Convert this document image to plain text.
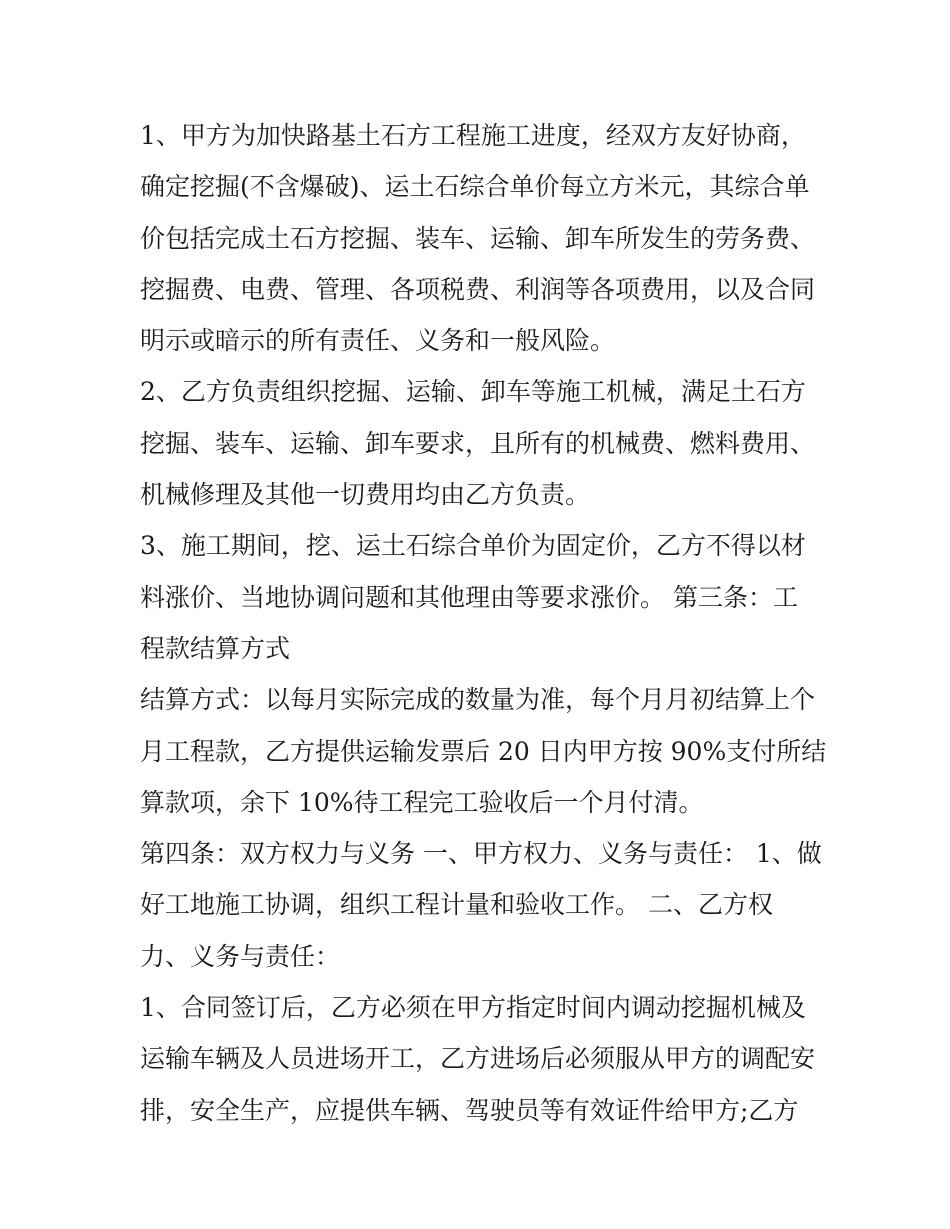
1、甲方为加快路基土石方工程施工进度，经双方友好协商，
确定挖掘(不含爆破)、运土石综合单价每立方米元，其综合单
价包括完成土石方挖掘、装车、运输、卸车所发生的劳务费、
挖掘费、电费、管理、各项税费、利润等各项费用，以及合同
明示或暗示的所有责任、义务和一般风险。
2、乙方负责组织挖掘、运输、卸车等施工机械，满足土石方
挖掘、装车、运输、卸车要求，且所有的机械费、燃料费用、
机械修理及其他一切费用均由乙方负责。
3、施工期间，挖、运土石综合单价为固定价，乙方不得以材
料涨价、当地协调问题和其他理由等要求涨价。 第三条：工
程款结算方式
结算方式：以每月实际完成的数量为准，每个月月初结算上个
月工程款，乙方提供运输发票后 20 日内甲方按 90%支付所结
算款项，余下 10%待工程完工验收后一个月付清。
第四条：双方权力与义务 一、甲方权力、义务与责任： 1、做
好工地施工协调，组织工程计量和验收工作。 二、乙方权
力、义务与责任：
1、合同签订后，乙方必须在甲方指定时间内调动挖掘机械及
运输车辆及人员进场开工，乙方进场后必须服从甲方的调配安
排，安全生产，应提供车辆、驾驶员等有效证件给甲方;乙方
